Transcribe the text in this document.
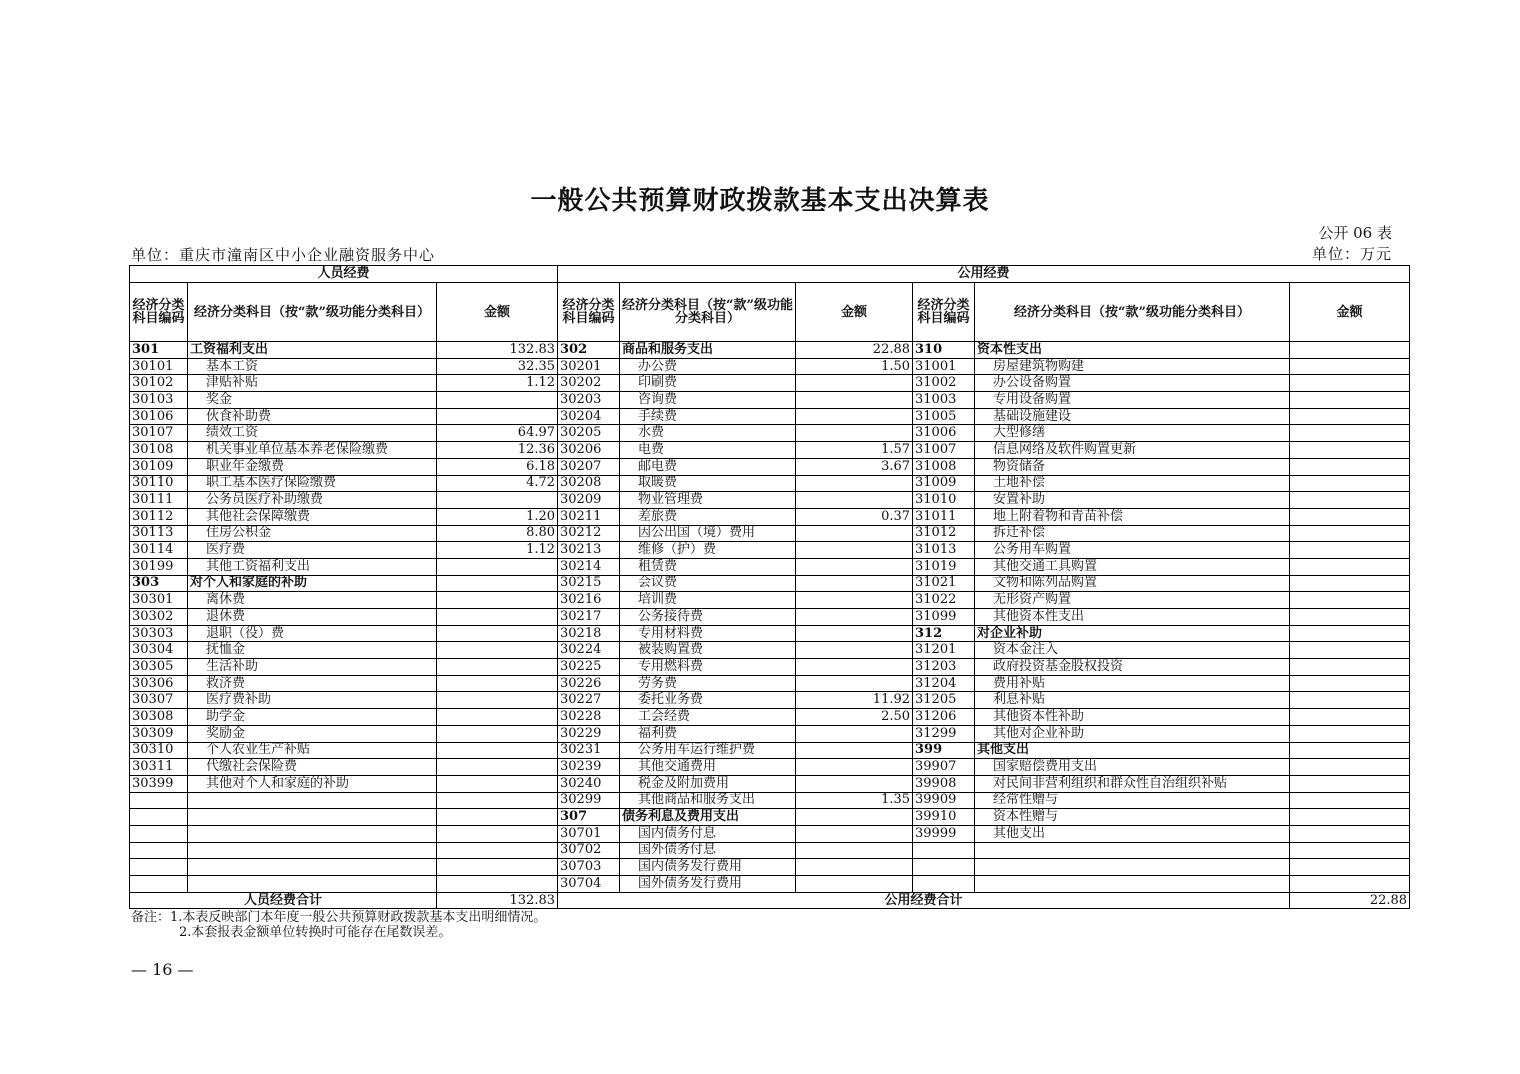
一般公共预算财政拨款基本支出决算表
公开 06 表
单位：重庆市潼南区中小企业融资服务中心	单位：万元
人员经费			公用经费					
经济分类科目编码	经济分类科目（按“款”级功能分类科目）	金额	经济分类科目编码	经济分类科目（按“款”级功能分类科目）	金额	经济分类科目编码	经济分类科目（按“款”级功能分类科目）	金额
301	工资福利支出	132.83	302	商品和服务支出	22.88	310	资本性支出	
30101	基本工资	32.35	30201	办公费	1.50	31001	房屋建筑物购建	
30102	津贴补贴	1.12	30202	印刷费		31002	办公设备购置	
30103	奖金		30203	咨询费		31003	专用设备购置	
30106	伙食补助费		30204	手续费		31005	基础设施建设	
30107	绩效工资	64.97	30205	水费		31006	大型修缮	
30108	机关事业单位基本养老保险缴费	12.36	30206	电费	1.57	31007	信息网络及软件购置更新	
30109	职业年金缴费	6.18	30207	邮电费	3.67	31008	物资储备	
30110	职工基本医疗保险缴费	4.72	30208	取暖费		31009	土地补偿	
30111	公务员医疗补助缴费		30209	物业管理费		31010	安置补助	
30112	其他社会保障缴费	1.20	30211	差旅费	0.37	31011	地上附着物和青苗补偿	
30113	住房公积金	8.80	30212	因公出国（境）费用		31012	拆迁补偿	
30114	医疗费	1.12	30213	维修（护）费		31013	公务用车购置	
30199	其他工资福利支出		30214	租赁费		31019	其他交通工具购置	
303	对个人和家庭的补助		30215	会议费		31021	文物和陈列品购置	
30301	离休费		30216	培训费		31022	无形资产购置	
30302	退休费		30217	公务接待费		31099	其他资本性支出	
30303	退职（役）费		30218	专用材料费		312	对企业补助	
30304	抚恤金		30224	被装购置费		31201	资本金注入	
30305	生活补助		30225	专用燃料费		31203	政府投资基金股权投资	
30306	救济费		30226	劳务费		31204	费用补贴	
30307	医疗费补助		30227	委托业务费	11.92	31205	利息补贴	
30308	助学金		30228	工会经费	2.50	31206	其他资本性补助	
30309	奖励金		30229	福利费		31299	其他对企业补助	
30310	个人农业生产补贴		30231	公务用车运行维护费		399	其他支出	
30311	代缴社会保险费		30239	其他交通费用		39907	国家赔偿费用支出	
30399	其他对个人和家庭的补助		30240	税金及附加费用		39908	对民间非营利组织和群众性自治组织补贴	
			30299	其他商品和服务支出	1.35	39909	经常性赠与	
			307	债务利息及费用支出		39910	资本性赠与	
			30701	国内债务付息		39999	其他支出	
			30702	国外债务付息				
			30703	国内债务发行费用				
			30704	国外债务发行费用				
人员经费合计		132.83	公用经费合计					22.88
备注：1.本表反映部门本年度一般公共预算财政拨款基本支出明细情况。
2.本套报表金额单位转换时可能存在尾数误差。
— 16 —
